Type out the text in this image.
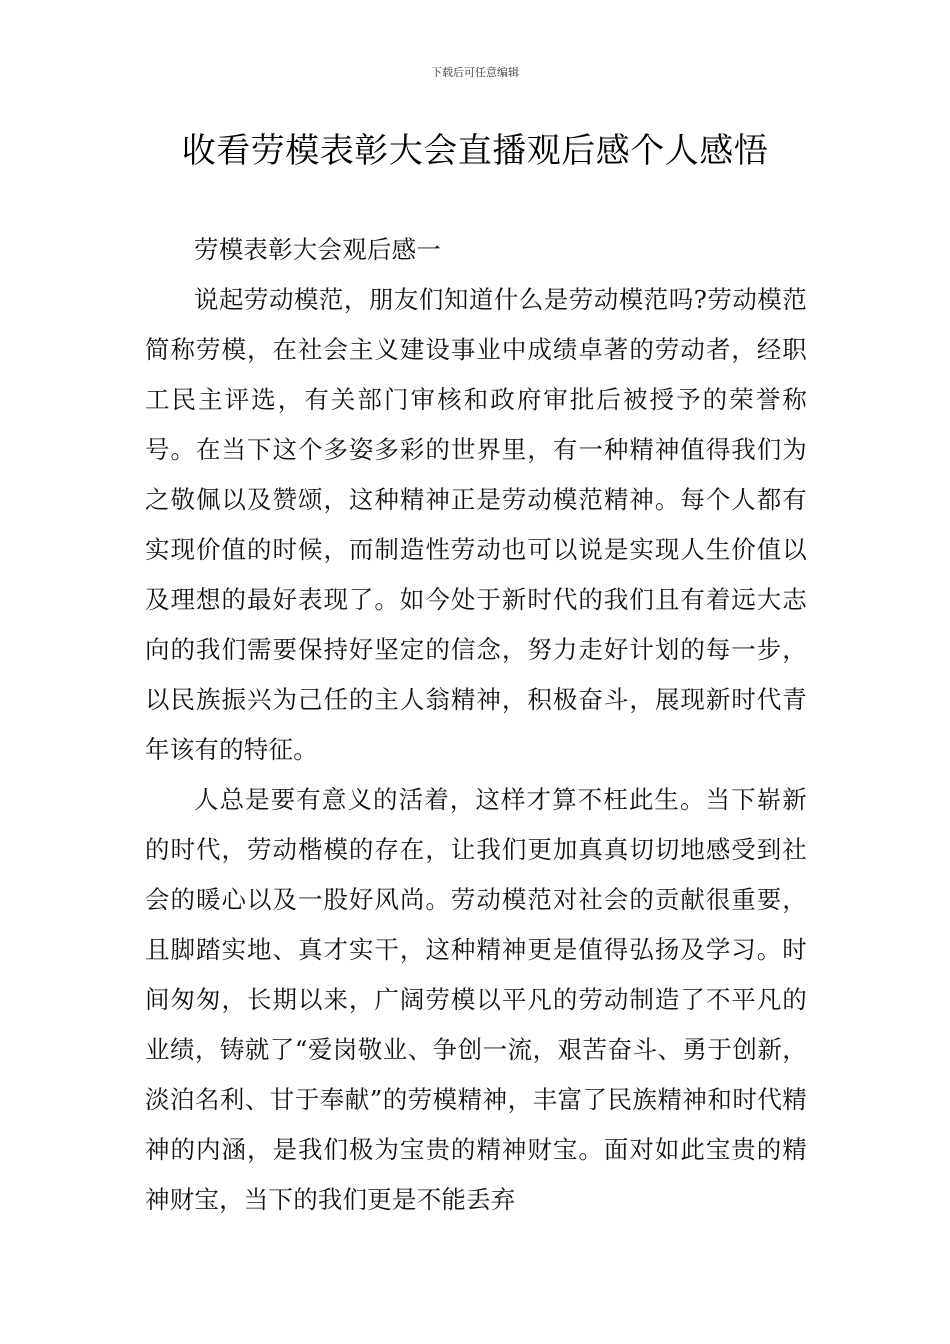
下载后可任意编辑
收看劳模表彰大会直播观后感个人感悟

劳模表彰大会观后感一

说起劳动模范，朋友们知道什么是劳动模范吗?劳动模范简称劳模，在社会主义建设事业中成绩卓著的劳动者，经职工民主评选，有关部门审核和政府审批后被授予的荣誉称号。在当下这个多姿多彩的世界里，有一种精神值得我们为之敬佩以及赞颂，这种精神正是劳动模范精神。每个人都有实现价值的时候，而制造性劳动也可以说是实现人生价值以及理想的最好表现了。如今处于新时代的我们且有着远大志向的我们需要保持好坚定的信念，努力走好计划的每一步，以民族振兴为己任的主人翁精神，积极奋斗，展现新时代青年该有的特征。

人总是要有意义的活着，这样才算不枉此生。当下崭新的时代，劳动楷模的存在，让我们更加真真切切地感受到社会的暖心以及一股好风尚。劳动模范对社会的贡献很重要，且脚踏实地、真才实干，这种精神更是值得弘扬及学习。时间匆匆，长期以来，广阔劳模以平凡的劳动制造了不平凡的业绩，铸就了“爱岗敬业、争创一流，艰苦奋斗、勇于创新，淡泊名利、甘于奉献”的劳模精神，丰富了民族精神和时代精神的内涵，是我们极为宝贵的精神财宝。面对如此宝贵的精神财宝，当下的我们更是不能丢弃
